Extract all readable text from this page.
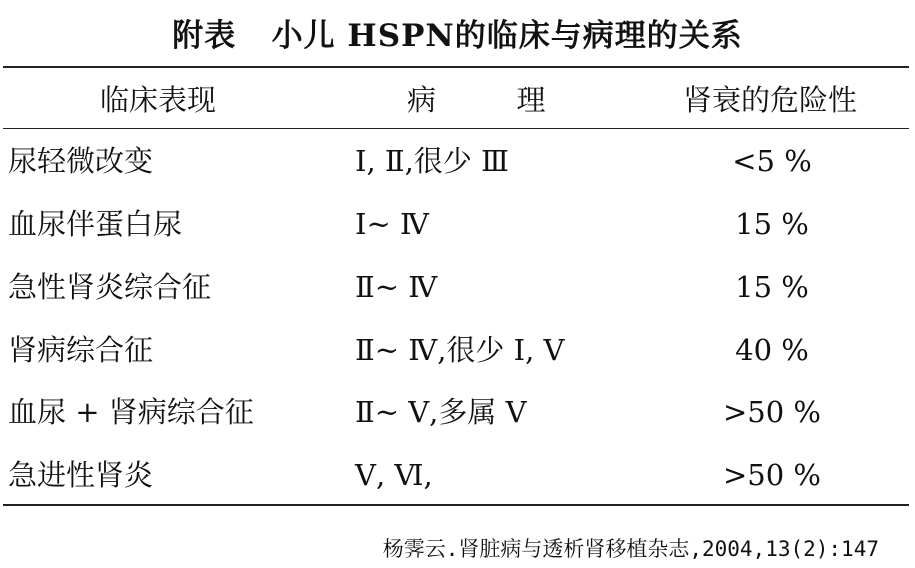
附表   小儿 HSPN的临床与病理的关系
临床表现	病       理	肾衰的危险性
尿轻微改变	Ⅰ, Ⅱ,很少 Ⅲ	<5 %
血尿伴蛋白尿	Ⅰ~ Ⅳ	15 %
急性肾炎综合征	Ⅱ~ Ⅳ	15 %
肾病综合征	Ⅱ~ Ⅳ,很少 Ⅰ, Ⅴ	40 %
血尿 + 肾病综合征	Ⅱ~ Ⅴ,多属 Ⅴ	>50 %
急进性肾炎	Ⅴ, Ⅵ,	>50 %
杨霁云.肾脏病与透析肾移植杂志,2004,13(2):147
